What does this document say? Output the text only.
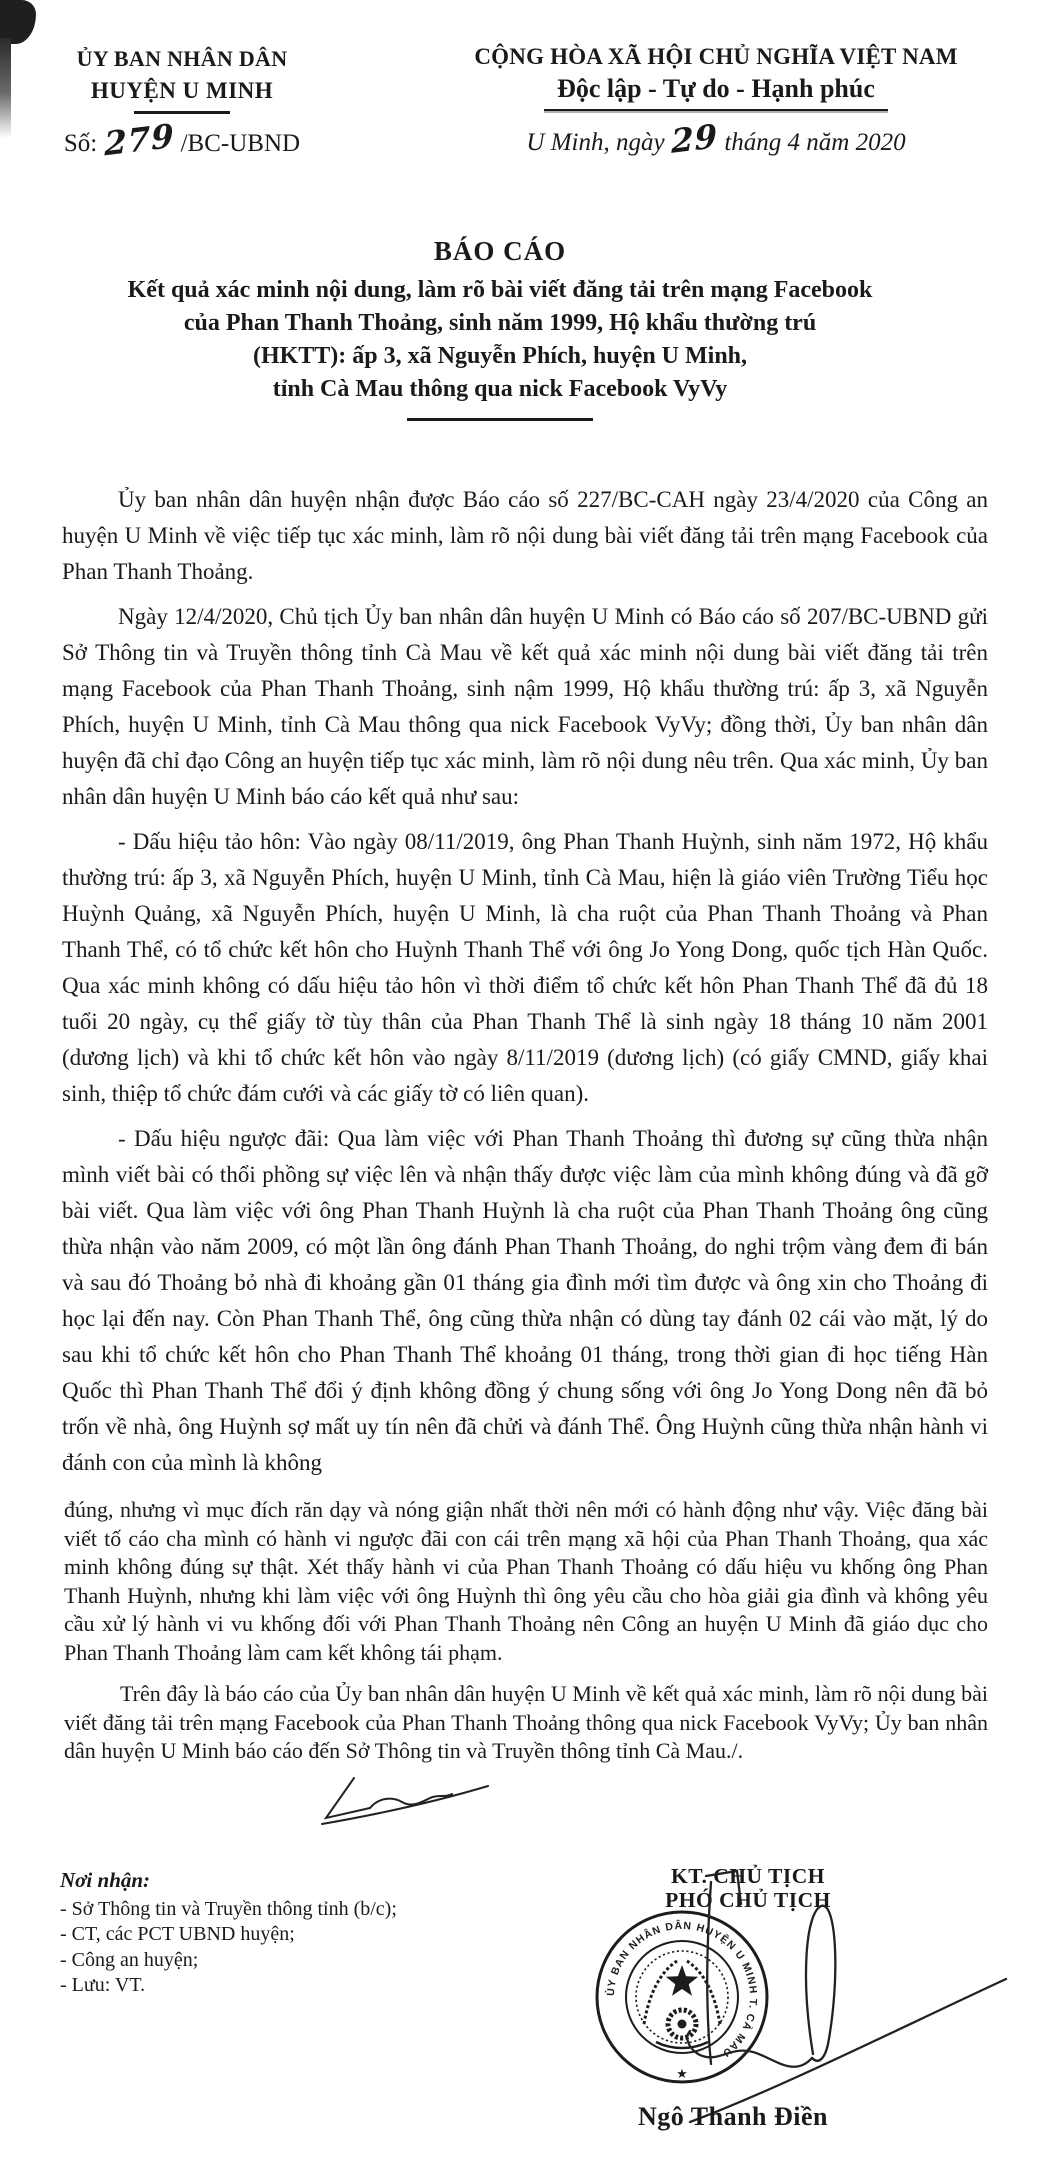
ỦY BAN NHÂN DÂN
HUYỆN U MINH
Số: 279 /BC-UBND
CỘNG HÒA XÃ HỘI CHỦ NGHĨA VIỆT NAM
Độc lập - Tự do - Hạnh phúc
U Minh, ngày 29 tháng 4 năm 2020
BÁO CÁO
Kết quả xác minh nội dung, làm rõ bài viết đăng tải trên mạng Facebook
của Phan Thanh Thoảng, sinh năm 1999, Hộ khẩu thường trú
(HKTT): ấp 3, xã Nguyễn Phích, huyện U Minh,
tỉnh Cà Mau thông qua nick Facebook VyVy

Ủy ban nhân dân huyện nhận được Báo cáo số 227/BC-CAH ngày 23/4/2020 của Công an huyện U Minh về việc tiếp tục xác minh, làm rõ nội dung bài viết đăng tải trên mạng Facebook của Phan Thanh Thoảng.

Ngày 12/4/2020, Chủ tịch Ủy ban nhân dân huyện U Minh có Báo cáo số 207/BC-UBND gửi Sở Thông tin và Truyền thông tỉnh Cà Mau về kết quả xác minh nội dung bài viết đăng tải trên mạng Facebook của Phan Thanh Thoảng, sinh nậm 1999, Hộ khẩu thường trú: ấp 3, xã Nguyễn Phích, huyện U Minh, tỉnh Cà Mau thông qua nick Facebook VyVy; đồng thời, Ủy ban nhân dân huyện đã chỉ đạo Công an huyện tiếp tục xác minh, làm rõ nội dung nêu trên. Qua xác minh, Ủy ban nhân dân huyện U Minh báo cáo kết quả như sau:

- Dấu hiệu tảo hôn: Vào ngày 08/11/2019, ông Phan Thanh Huỳnh, sinh năm 1972, Hộ khẩu thường trú: ấp 3, xã Nguyễn Phích, huyện U Minh, tỉnh Cà Mau, hiện là giáo viên Trường Tiểu học Huỳnh Quảng, xã Nguyễn Phích, huyện U Minh, là cha ruột của Phan Thanh Thoảng và Phan Thanh Thể, có tổ chức kết hôn cho Huỳnh Thanh Thể với ông Jo Yong Dong, quốc tịch Hàn Quốc. Qua xác minh không có dấu hiệu tảo hôn vì thời điểm tổ chức kết hôn Phan Thanh Thể đã đủ 18 tuổi 20 ngày, cụ thể giấy tờ tùy thân của Phan Thanh Thể là sinh ngày 18 tháng 10 năm 2001 (dương lịch) và khi tổ chức kết hôn vào ngày 8/11/2019 (dương lịch) (có giấy CMND, giấy khai sinh, thiệp tổ chức đám cưới và các giấy tờ có liên quan).

- Dấu hiệu ngược đãi: Qua làm việc với Phan Thanh Thoảng thì đương sự cũng thừa nhận mình viết bài có thổi phồng sự việc lên và nhận thấy được việc làm của mình không đúng và đã gỡ bài viết. Qua làm việc với ông Phan Thanh Huỳnh là cha ruột của Phan Thanh Thoảng ông cũng thừa nhận vào năm 2009, có một lần ông đánh Phan Thanh Thoảng, do nghi trộm vàng đem đi bán và sau đó Thoảng bỏ nhà đi khoảng gần 01 tháng gia đình mới tìm được và ông xin cho Thoảng đi học lại đến nay. Còn Phan Thanh Thể, ông cũng thừa nhận có dùng tay đánh 02 cái vào mặt, lý do sau khi tổ chức kết hôn cho Phan Thanh Thể khoảng 01 tháng, trong thời gian đi học tiếng Hàn Quốc thì Phan Thanh Thể đổi ý định không đồng ý chung sống với ông Jo Yong Dong nên đã bỏ trốn về nhà, ông Huỳnh sợ mất uy tín nên đã chửi và đánh Thể. Ông Huỳnh cũng thừa nhận hành vi đánh con của mình là không

đúng, nhưng vì mục đích răn dạy và nóng giận nhất thời nên mới có hành động như vậy. Việc đăng bài viết tố cáo cha mình có hành vi ngược đãi con cái trên mạng xã hội của Phan Thanh Thoảng, qua xác minh không đúng sự thật. Xét thấy hành vi của Phan Thanh Thoảng có dấu hiệu vu khống ông Phan Thanh Huỳnh, nhưng khi làm việc với ông Huỳnh thì ông yêu cầu cho hòa giải gia đình và không yêu cầu xử lý hành vi vu khống đối với Phan Thanh Thoảng nên Công an huyện U Minh đã giáo dục cho Phan Thanh Thoảng làm cam kết không tái phạm.

Trên đây là báo cáo của Ủy ban nhân dân huyện U Minh về kết quả xác minh, làm rõ nội dung bài viết đăng tải trên mạng Facebook của Phan Thanh Thoảng thông qua nick Facebook VyVy; Ủy ban nhân dân huyện U Minh báo cáo đến Sở Thông tin và Truyền thông tỉnh Cà Mau./.

Nơi nhận:
- Sở Thông tin và Truyền thông tỉnh (b/c);
- CT, các PCT UBND huyện;
- Công an huyện;
- Lưu: VT.
KT. CHỦ TỊCH
PHÓ CHỦ TỊCH
ỦY BAN NHÂN DÂN HUYỆN U MINH T. CÀ MAU
★
Ngô Thanh Điền
